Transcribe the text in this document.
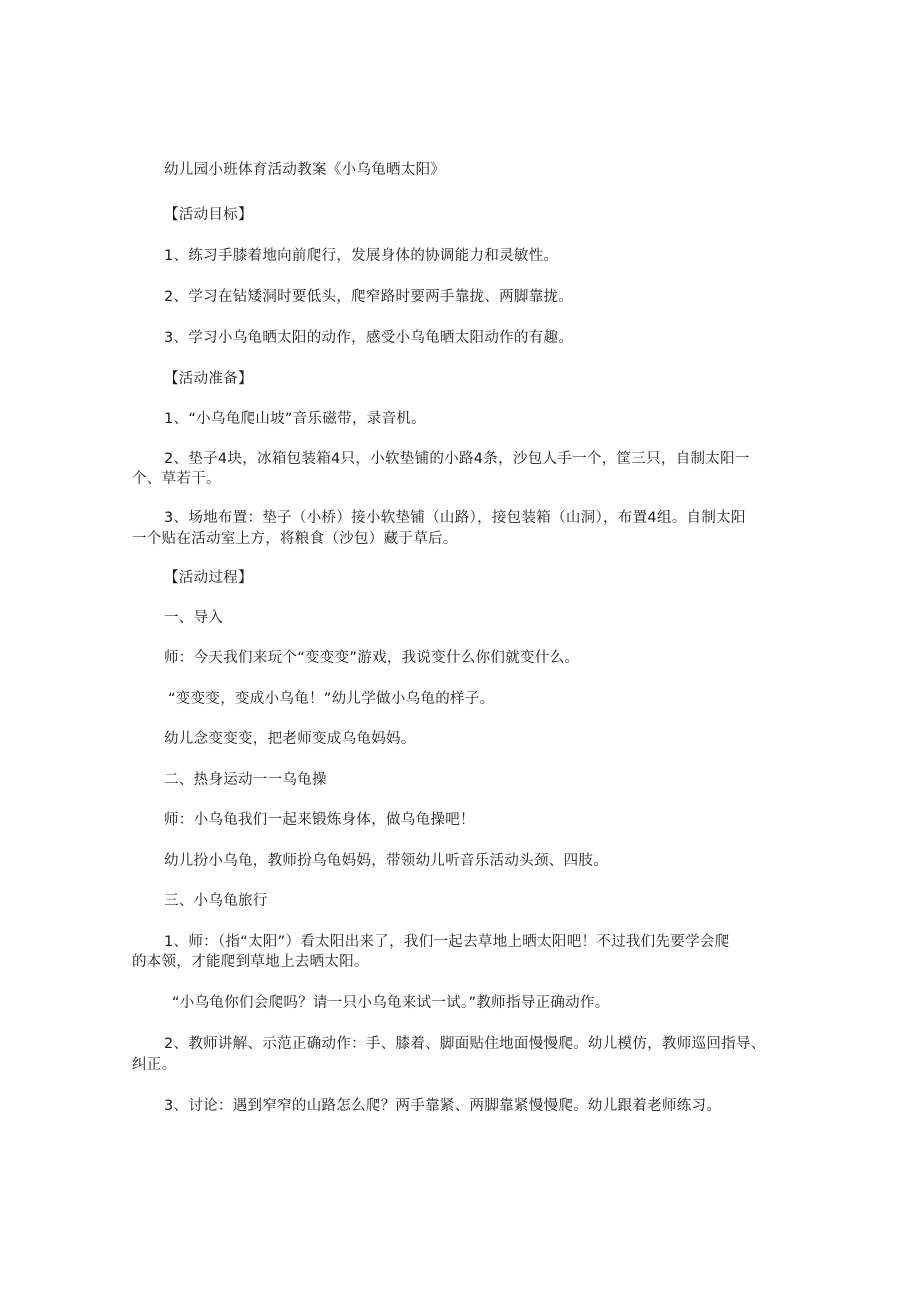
幼儿园小班体育活动教案《小乌龟晒太阳》
【活动目标】
1、练习手膝着地向前爬行，发展身体的协调能力和灵敏性。
2、学习在钻矮洞时要低头，爬窄路时要两手靠拢、两脚靠拢。
3、学习小乌龟晒太阳的动作，感受小乌龟晒太阳动作的有趣。
【活动准备】
1、“小乌龟爬山坡”音乐磁带，录音机。
2、垫子4块，冰箱包装箱4只，小软垫铺的小路4条，沙包人手一个，筐三只，自制太阳一
个、草若干。
3、场地布置：垫子（小桥）接小软垫铺（山路），接包装箱（山洞），布置4组。自制太阳
一个贴在活动室上方，将粮食（沙包）藏于草后。
【活动过程】
一、导入
师：今天我们来玩个“变变变”游戏，我说变什么你们就变什么。
“变变变，变成小乌龟！”幼儿学做小乌龟的样子。
幼儿念变变变，把老师变成乌龟妈妈。
二、热身运动一一乌龟操
师：小乌龟我们一起来锻炼身体，做乌龟操吧！
幼儿扮小乌龟，教师扮乌龟妈妈，带领幼儿听音乐活动头颈、四肢。
三、小乌龟旅行
1、师：（指“太阳”）看太阳出来了，我们一起去草地上晒太阳吧！不过我们先要学会爬
的本领，才能爬到草地上去晒太阳。
“小乌龟你们会爬吗？请一只小乌龟来试一试。”教师指导正确动作。
2、教师讲解、示范正确动作：手、膝着、脚面贴住地面慢慢爬。幼儿模仿，教师巡回指导、
纠正。
3、讨论：遇到窄窄的山路怎么爬？两手靠紧、两脚靠紧慢慢爬。幼儿跟着老师练习。
